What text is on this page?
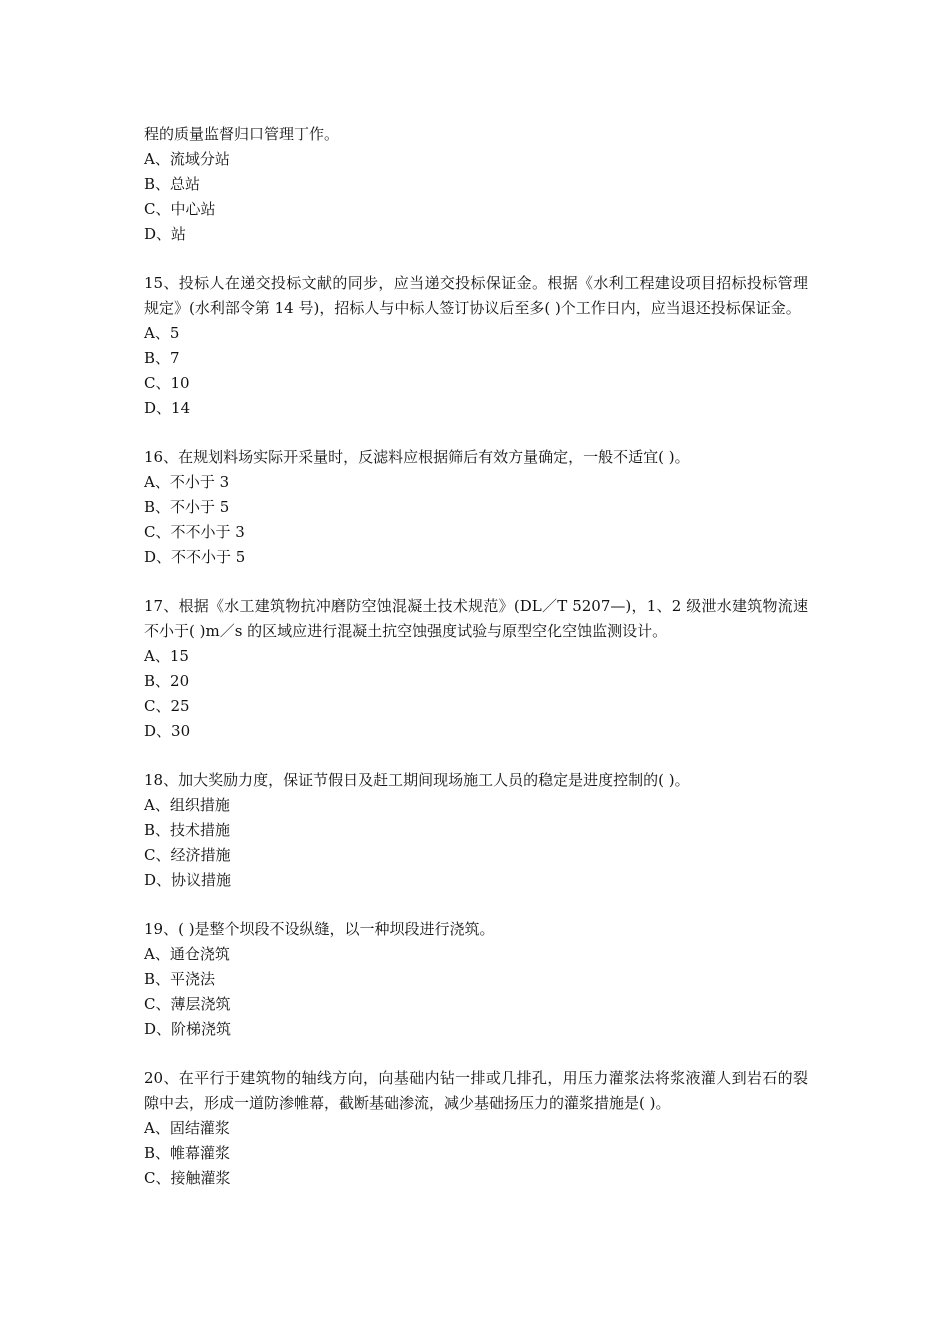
程的质量监督归口管理丁作。

A、流域分站

B、总站

C、中心站

D、站

15、投标人在递交投标文献的同步，应当递交投标保证金。根据《水利工程建设项目招标投标管理规定》(水利部令第 14 号)，招标人与中标人签订协议后至多( )个工作日内，应当退还投标保证金。

A、5

B、7

C、10

D、14

16、在规划料场实际开采量时，反滤料应根据筛后有效方量确定，一般不适宜( )。

A、不小于 3

B、不小于 5

C、不不小于 3

D、不不小于 5

17、根据《水工建筑物抗冲磨防空蚀混凝土技术规范》(DL／T 5207—)，1、2 级泄水建筑物流速不小于( )m／s 的区域应进行混凝土抗空蚀强度试验与原型空化空蚀监测设计。

A、15

B、20

C、25

D、30

18、加大奖励力度，保证节假日及赶工期间现场施工人员的稳定是进度控制的( )。

A、组织措施

B、技术措施

C、经济措施

D、协议措施

19、( )是整个坝段不设纵缝，以一种坝段进行浇筑。

A、通仓浇筑

B、平浇法

C、薄层浇筑

D、阶梯浇筑

20、在平行于建筑物的轴线方向，向基础内钻一排或几排孔，用压力灌浆法将浆液灌人到岩石的裂隙中去，形成一道防渗帷幕，截断基础渗流，减少基础扬压力的灌浆措施是( )。

A、固结灌浆

B、帷幕灌浆

C、接触灌浆
